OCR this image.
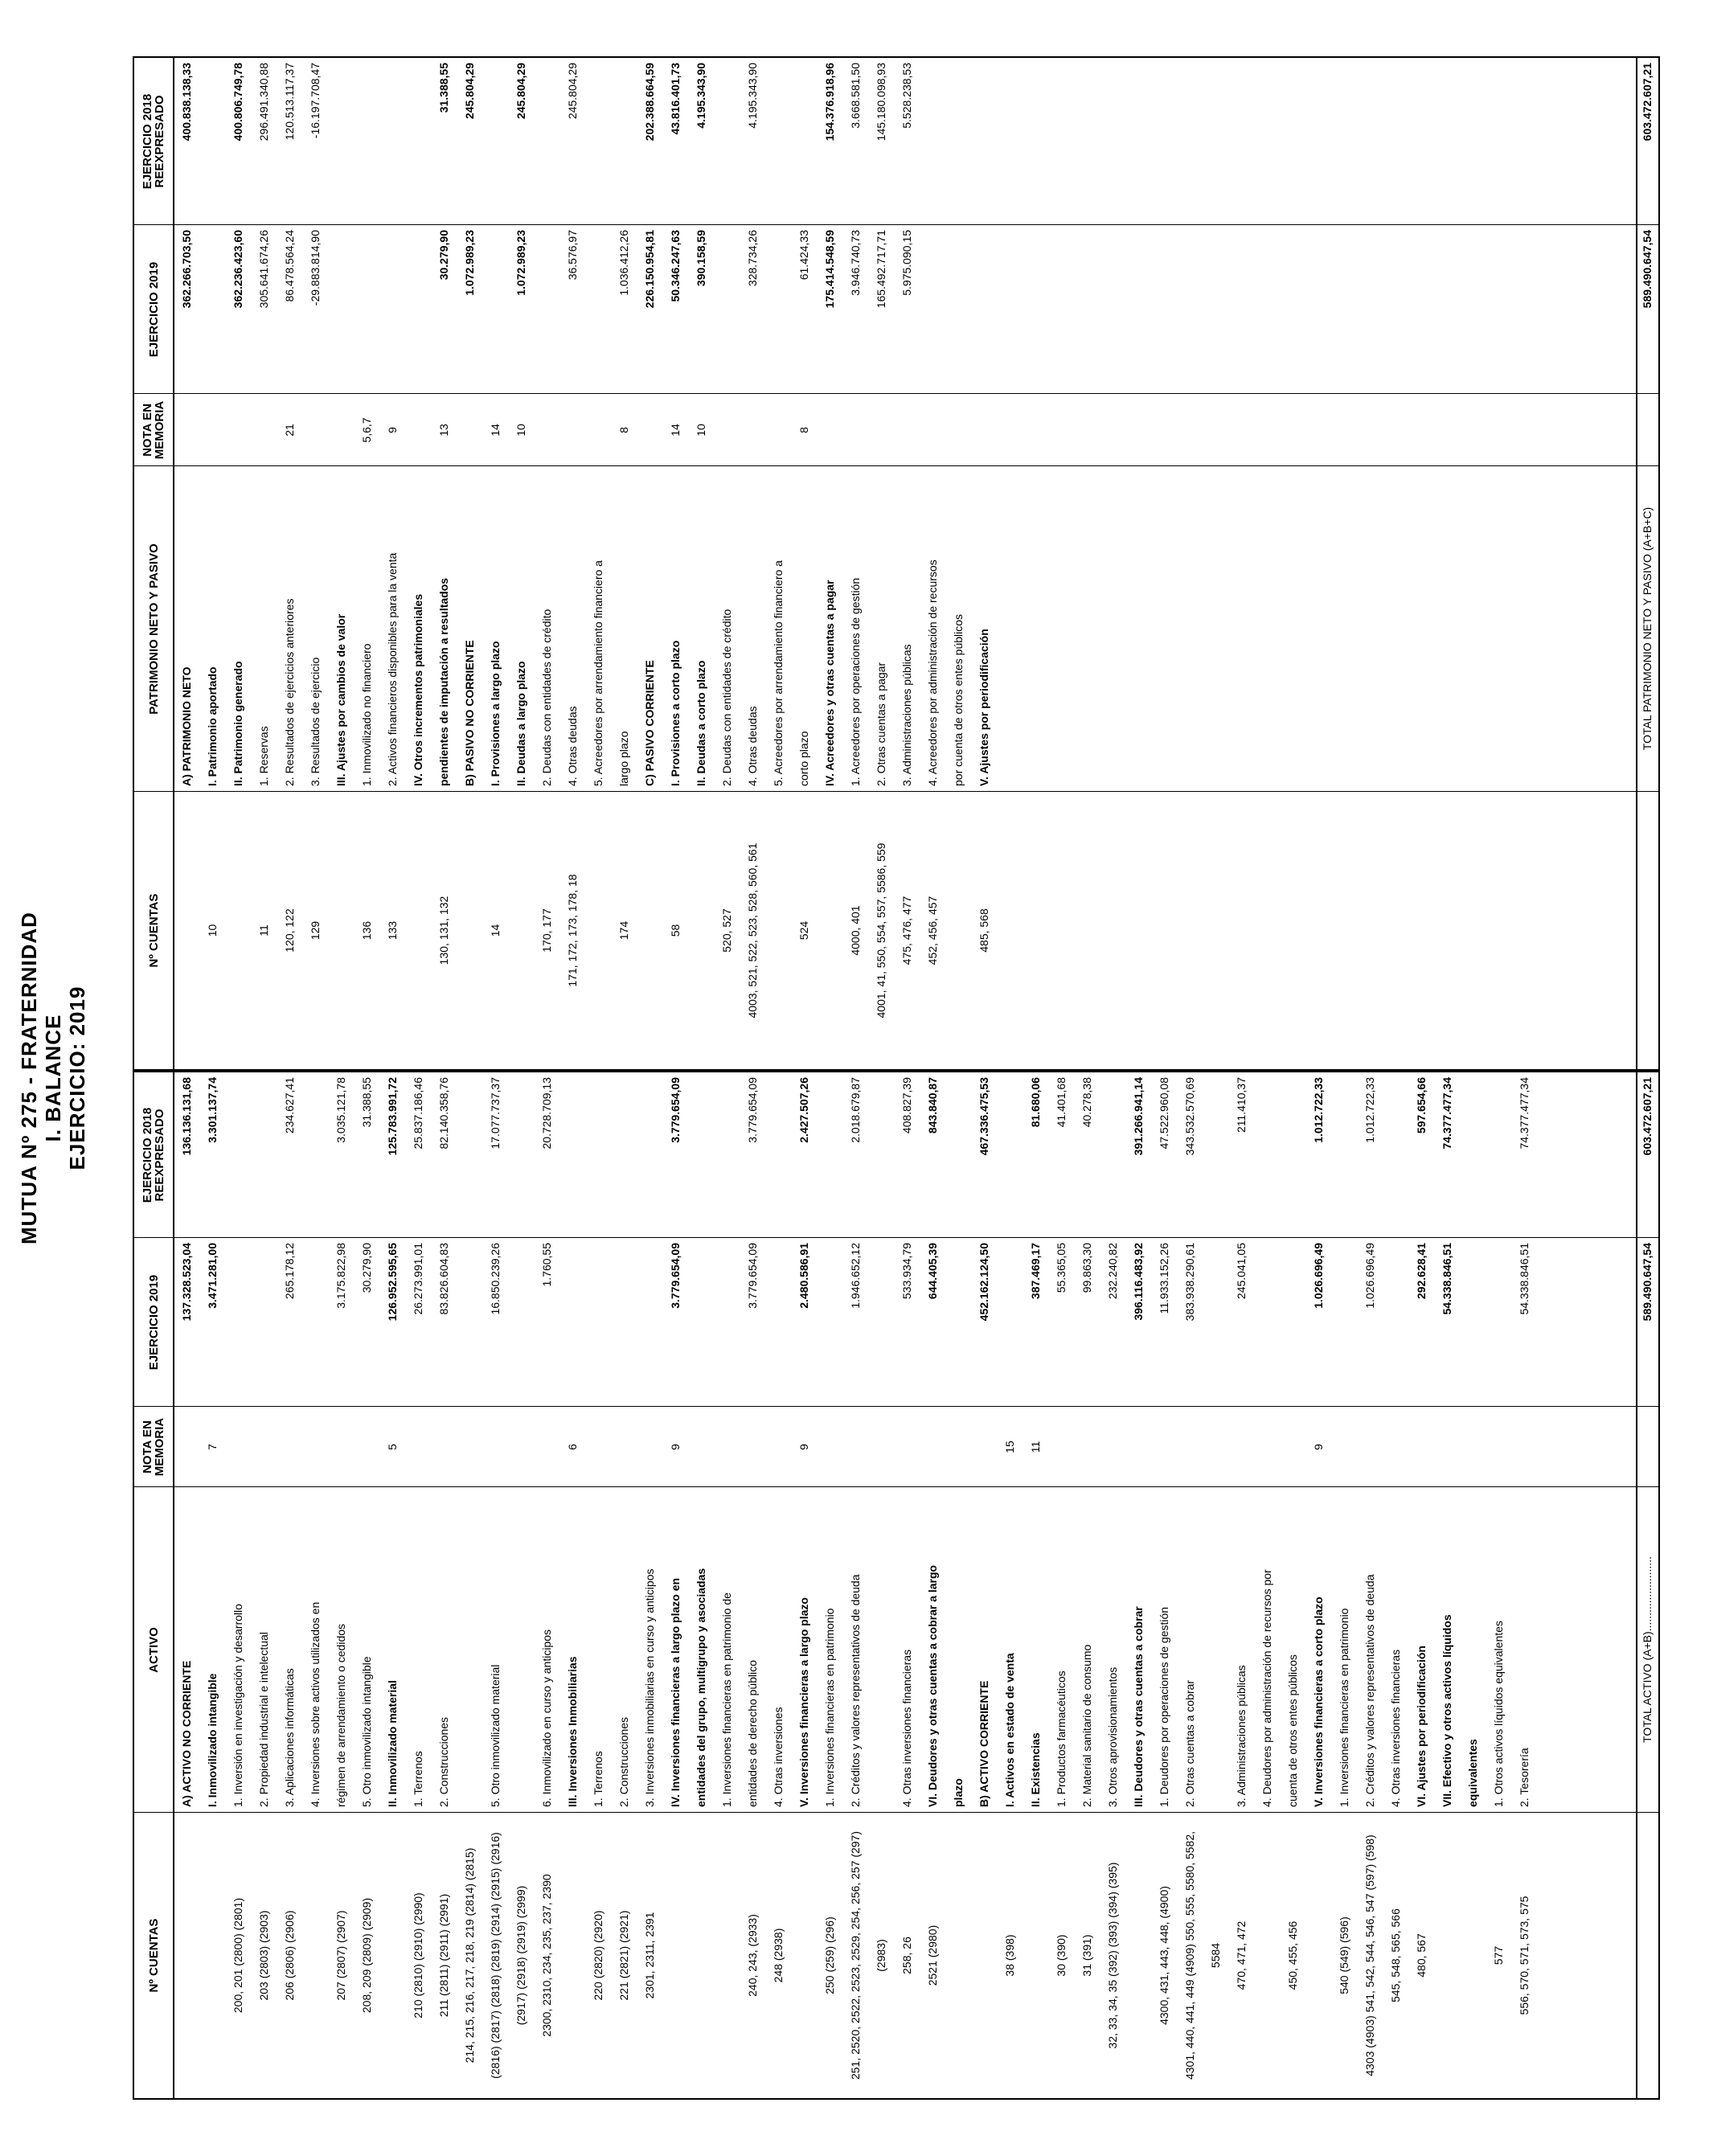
MUTUA Nº 275 - FRATERNIDAD I. BALANCE EJERCICIO: 2019
Nº CUENTAS
ACTIVO
NOTA EN MEMORIA
EJERCICIO 2019
EJERCICIO 2018 REEXPRESADO
A) ACTIVO NO CORRIENTE
137.328.523,04
136.136.131,68
I. Inmovilizado intangible
7
3.471.281,00
3.301.137,74
200, 201 (2800) (2801)
1. Inversión en investigación y desarrollo
203 (2803) (2903)
2. Propiedad industrial e intelectual
206 (2806) (2906)
3. Aplicaciones informáticas
265.178,12
234.627,41
4. Inversiones sobre activos utilizados en
207 (2807) (2907)
régimen de arrendamiento o cedidos
3.175.822,98
3.035.121,78
208, 209 (2809) (2909)
5. Otro inmovilizado intangible
30.279,90
31.388,55
II. Inmovilizado material
5
126.952.595,65
125.783.991,72
210 (2810) (2910) (2990)
1. Terrenos
26.273.991,01
25.837.186,46
211 (2811) (2911) (2991)
2. Construcciones
83.826.604,83
82.140.358,76
214, 215, 216, 217, 218, 219 (2814) (2815) (2816) (2817) (2818) (2819) (2914) (2915) (2916)
5. Otro inmovilizado material
16.850.239,26
17.077.737,37
(2917) (2918) (2919) (2999) 2300, 2310, 234, 235, 237, 2390
6. Inmovilizado en curso y anticipos
1.760,55
20.728.709,13
III. Inversiones Inmobiliarias
6
220 (2820) (2920)
1. Terrenos
221 (2821) (2921)
2. Construcciones
2301, 2311, 2391
3. Inversiones inmobiliarias en curso y anticipos IV. Inversiones financieras a largo plazo en
9
3.779.654,09
3.779.654,09
entidades del grupo, multigrupo y asociadas 1. Inversiones financieras en patrimonio de
240, 243, (2933)
entidades de derecho público
3.779.654,09
3.779.654,09
248 (2938)
4. Otras inversiones V. Inversiones financieras a largo plazo
9
2.480.586,91
2.427.507,26
250 (259) (296)
1. Inversiones financieras en patrimonio
251, 2520, 2522, 2523, 2529, 254, 256, 257 (297)
2. Créditos y valores representativos de deuda
1.946.652,12
2.018.679,87
(2983) 258, 26
4. Otras inversiones financieras
533.934,79
408.827,39
2521 (2980)
VI. Deudores y otras cuentas a cobrar a largo
644.405,39
843.840,87
plazo B) ACTIVO CORRIENTE
452.162.124,50
467.336.475,53
38 (398)
I. Activos en estado de venta
15
II. Existencias
11
387.469,17
81.680,06
30 (390)
1. Productos farmacéuticos
55.365,05
41.401,68
31 (391)
2. Material sanitario de consumo
99.863,30
40.278,38
32, 33, 34, 35 (392) (393) (394) (395)
3. Otros aprovisionamientos
232.240,82
III. Deudores y otras cuentas a cobrar
396.116.483,92
391.266.941,14
4300, 431, 443, 448, (4900)
1. Deudores por operaciones de gestión
11.933.152,26
47.522.960,08
4301, 440, 441, 449 (4909) 550, 555, 5580, 5582,
2. Otras cuentas a cobrar
383.938.290,61
343.532.570,69
5584 470, 471, 472
3. Administraciones públicas
245.041,05
211.410,37
4. Deudores por administración de recursos por
450, 455, 456
cuenta de otros entes públicos V. Inversiones financieras a corto plazo
9
1.026.696,49
1.012.722,33
540 (549) (596)
1. Inversiones financieras en patrimonio
4303 (4903) 541, 542, 544, 546, 547 (597) (598)
2. Créditos y valores representativos de deuda
1.026.696,49
1.012.722,33
545, 548, 565, 566
4. Otras inversiones financieras
480, 567
VI. Ajustes por periodificación
292.628,41
597.654,66
VII. Efectivo y otros activos líquidos
54.338.846,51
74.377.477,34
equivalentes
577
1. Otros activos líquidos equivalentes
556, 570, 571, 573, 575
2. Tesorería
54.338.846,51
74.377.477,34
TOTAL ACTIVO (A+B)........................
589.490.647,54
603.472.607,21
Nº CUENTAS
PATRIMONIO NETO Y PASIVO
NOTA EN MEMORIA
EJERCICIO 2019
EJERCICIO 2018 REEXPRESADO
A) PATRIMONIO NETO
362.266.703,50
400.838.138,33
10
I. Patrimonio aportado II. Patrimonio generado
362.236.423,60
400.806.749,78
11
1. Reservas
305.641.674,26
296.491.340,88
120, 122
2. Resultados de ejercicios anteriores
21
86.478.564,24
120.513.117,37
129
3. Resultados de ejercicio
-29.883.814,90
-16.197.708,47
III. Ajustes por cambios de valor
136
1. Inmovilizado no financiero
5,6,7
133
2. Activos financieros disponibles para la venta
9
IV. Otros incrementos patrimoniales
130, 131, 132
pendientes de imputación a resultados
13
30.279,90
31.388,55
B) PASIVO NO CORRIENTE
1.072.989,23
245.804,29
14
I. Provisiones a largo plazo
14
II. Deudas a largo plazo
10
1.072.989,23
245.804,29
170, 177
2. Deudas con entidades de crédito
171, 172, 173, 178, 18
4. Otras deudas
36.576,97
245.804,29
5. Acreedores por arrendamiento financiero a
174
largo plazo
8
1.036.412,26
C) PASIVO CORRIENTE
226.150.954,81
202.388.664,59
58
I. Provisiones a corto plazo
14
50.346.247,63
43.816.401,73
II. Deudas a corto plazo
10
390.158,59
4.195.343,90
520, 527
2. Deudas con entidades de crédito
4003, 521, 522, 523, 528, 560, 561
4. Otras deudas
328.734,26
4.195.343,90
5. Acreedores por arrendamiento financiero a
524
corto plazo
8
61.424,33
IV. Acreedores y otras cuentas a pagar
175.414.548,59
154.376.918,96
4000, 401
1. Acreedores por operaciones de gestión
3.946.740,73
3.668.581,50
4001, 41, 550, 554, 557, 5586, 559
2. Otras cuentas a pagar
165.492.717,71
145.180.098,93
475, 476, 477
3. Administraciones públicas
5.975.090,15
5.528.238,53
452, 456, 457
4. Acreedores por administración de recursos por cuenta de otros entes públicos
485, 568
V. Ajustes por periodificación	TOTAL PATRIMONIO NETO Y PASIVO (A+B+C)
589.490.647,54
603.472.607,21
